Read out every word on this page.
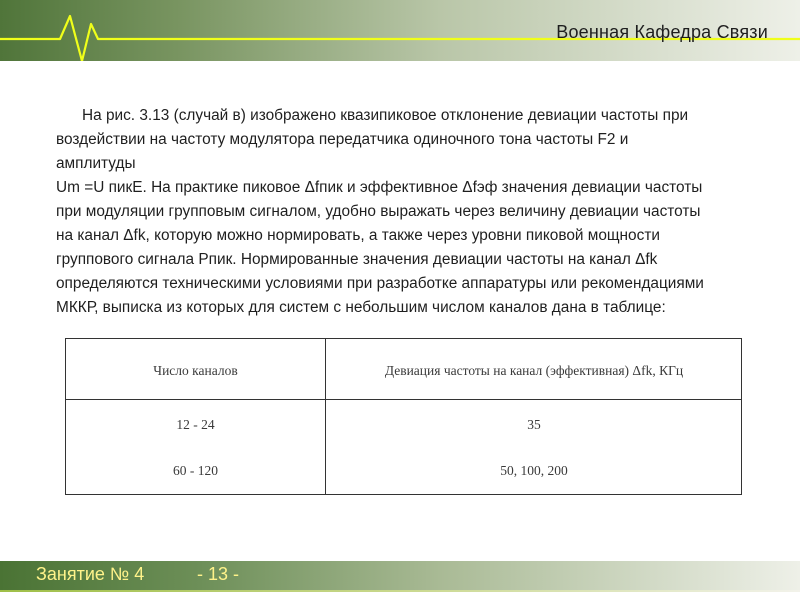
Военная Кафедра Связи
На рис. 3.13 (случай в) изображено квазипиковое отклонение девиации частоты при
воздействии на частоту модулятора передатчика одиночного тона частоты F2 и
амплитуды
Um =U пикЕ. На практике пиковое Δfпик и эффективное Δfэф значения девиации частоты
при модуляции групповым сигналом, удобно выражать через величину девиации частоты
на канал Δfk, которую можно нормировать, а также через уровни пиковой мощности
группового сигнала Рпик. Нормированные значения девиации частоты на канал Δfk
определяются техническими условиями при разработке аппаратуры или рекомендациями
МККР, выписка из которых для систем с небольшим числом каналов дана в таблице:
Число каналов	Девиация частоты на канал (эффективная) Δfk, КГц
12 - 24	35
60 - 120	50, 100, 200
Занятие № 4	- 13 -
